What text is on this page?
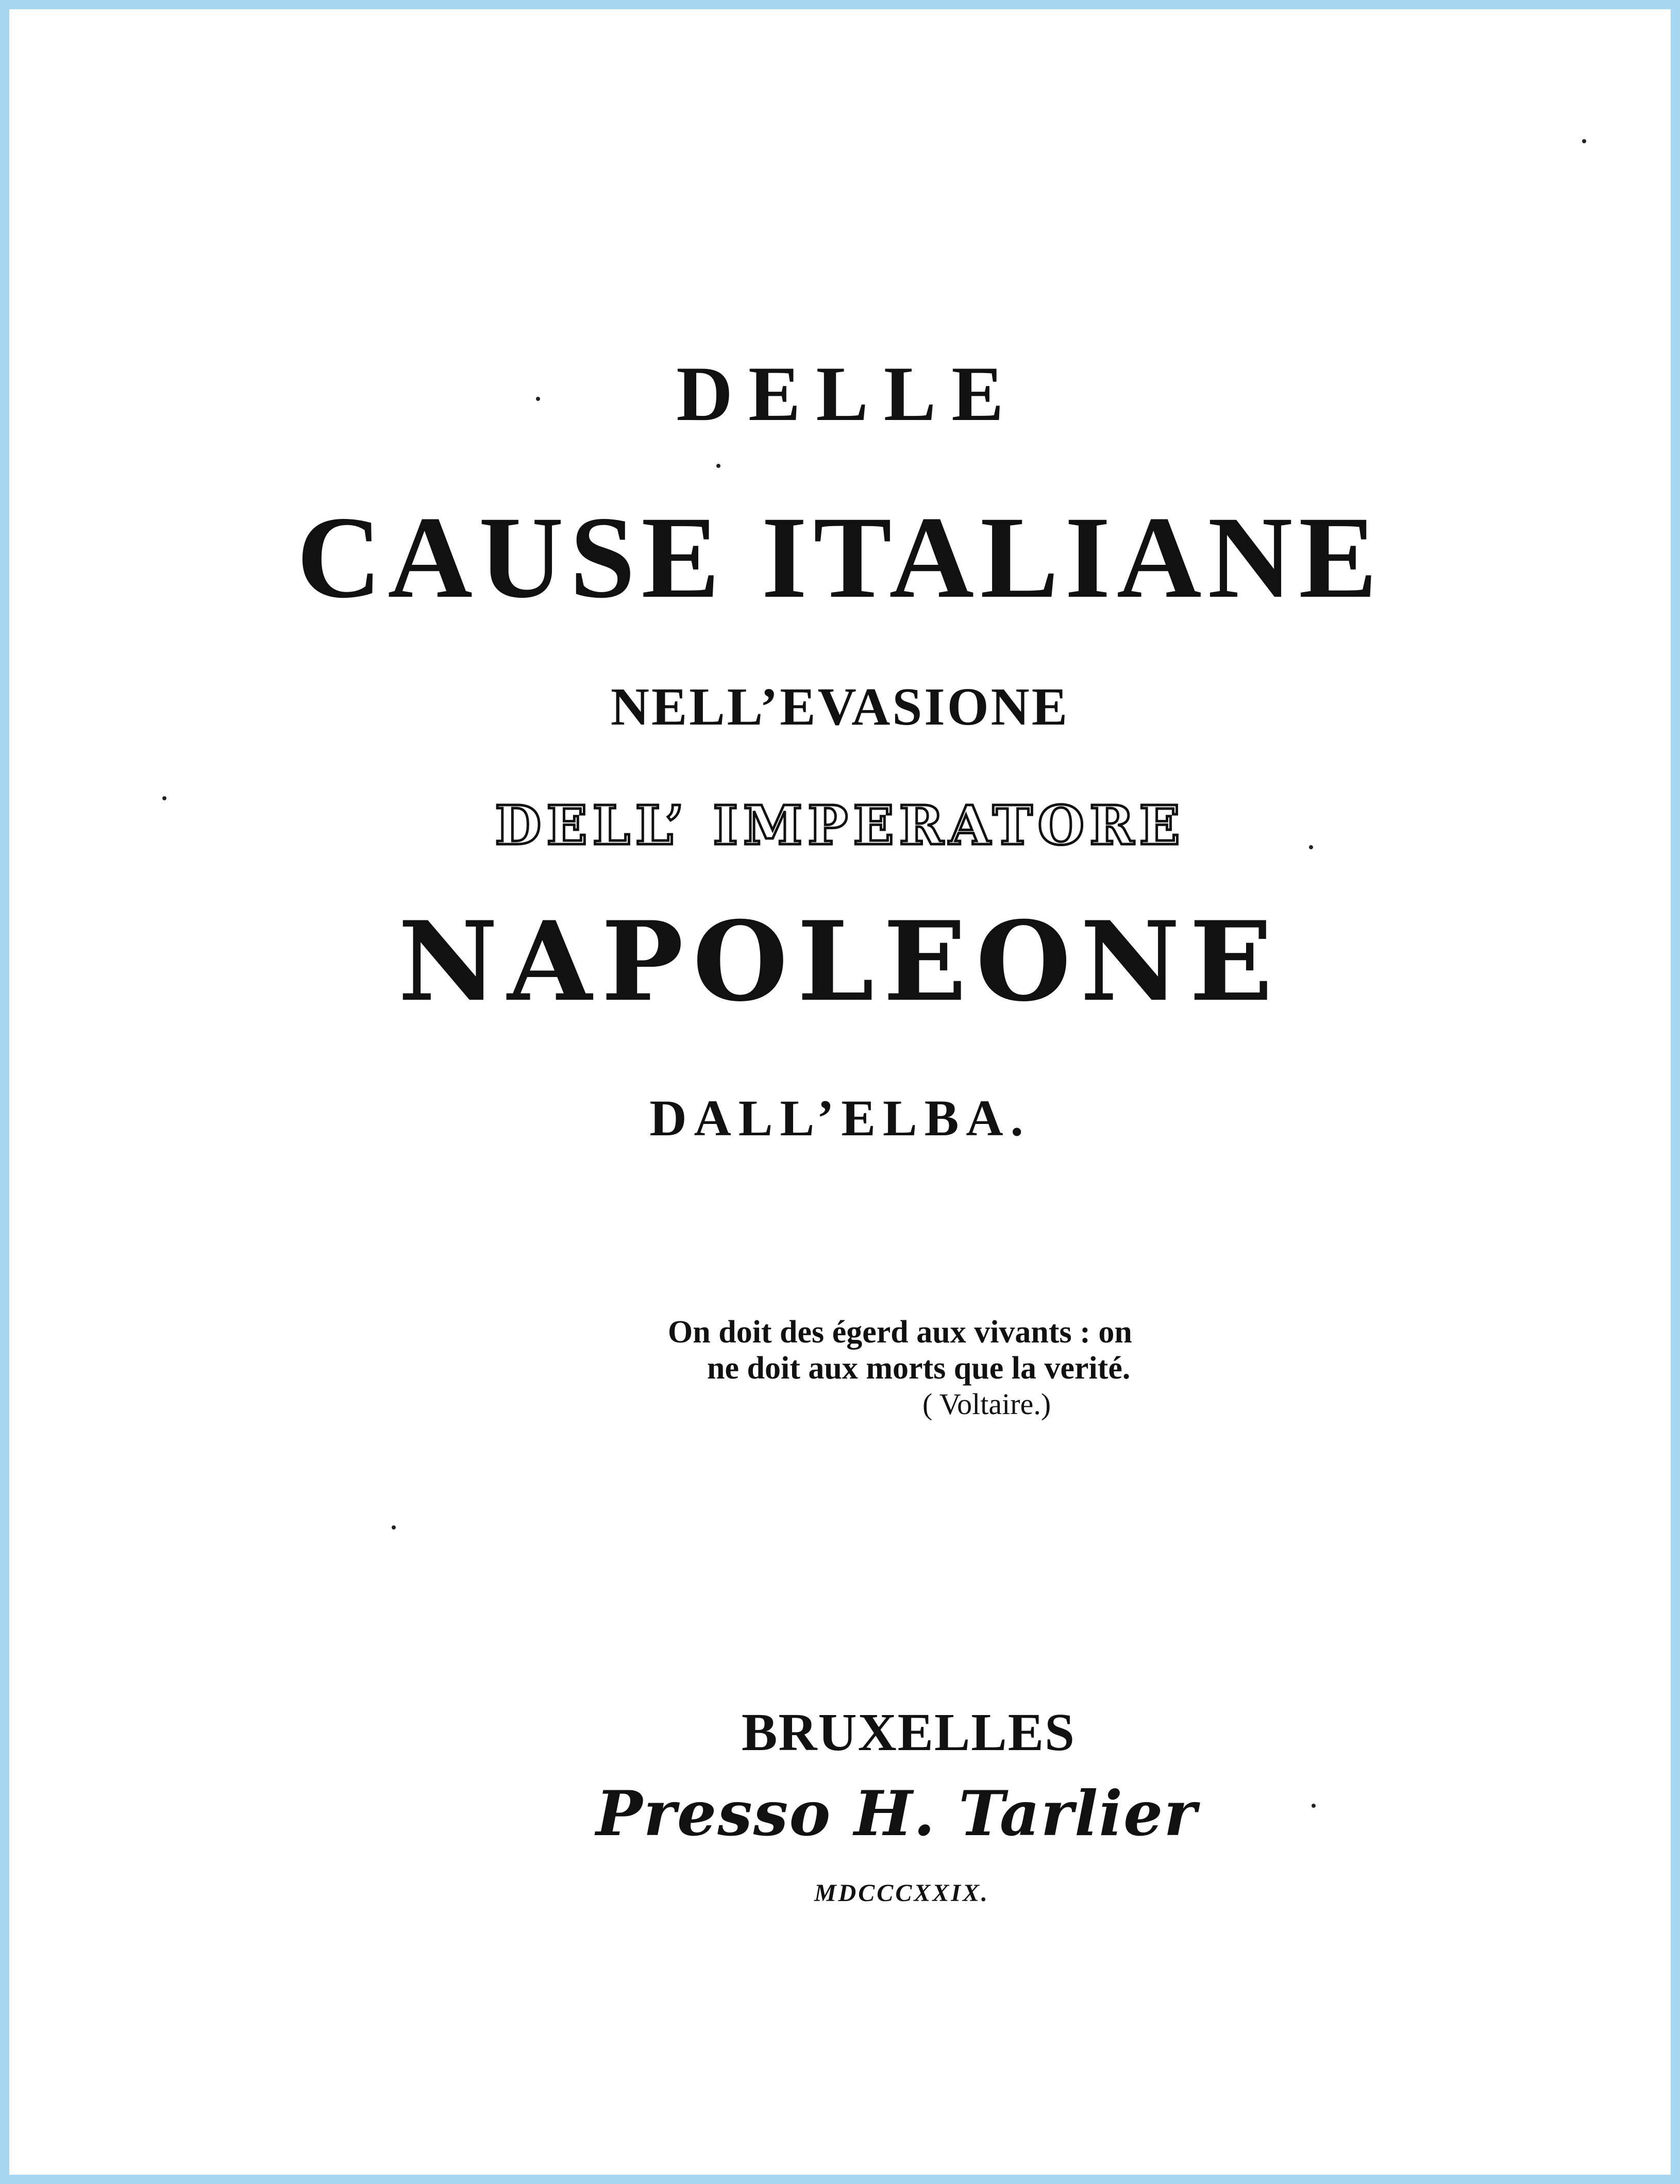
DELLE
CAUSE ITALIANE
NELL’EVASIONE
DELL’ IMPERATORE
NAPOLEONE
DALL’ELBA.
On doit des égerd aux vivants : on
ne doit aux morts que la verité.
( Voltaire.)
BRUXELLES
Presso H. Tarlier
MDCCCXXIX.
